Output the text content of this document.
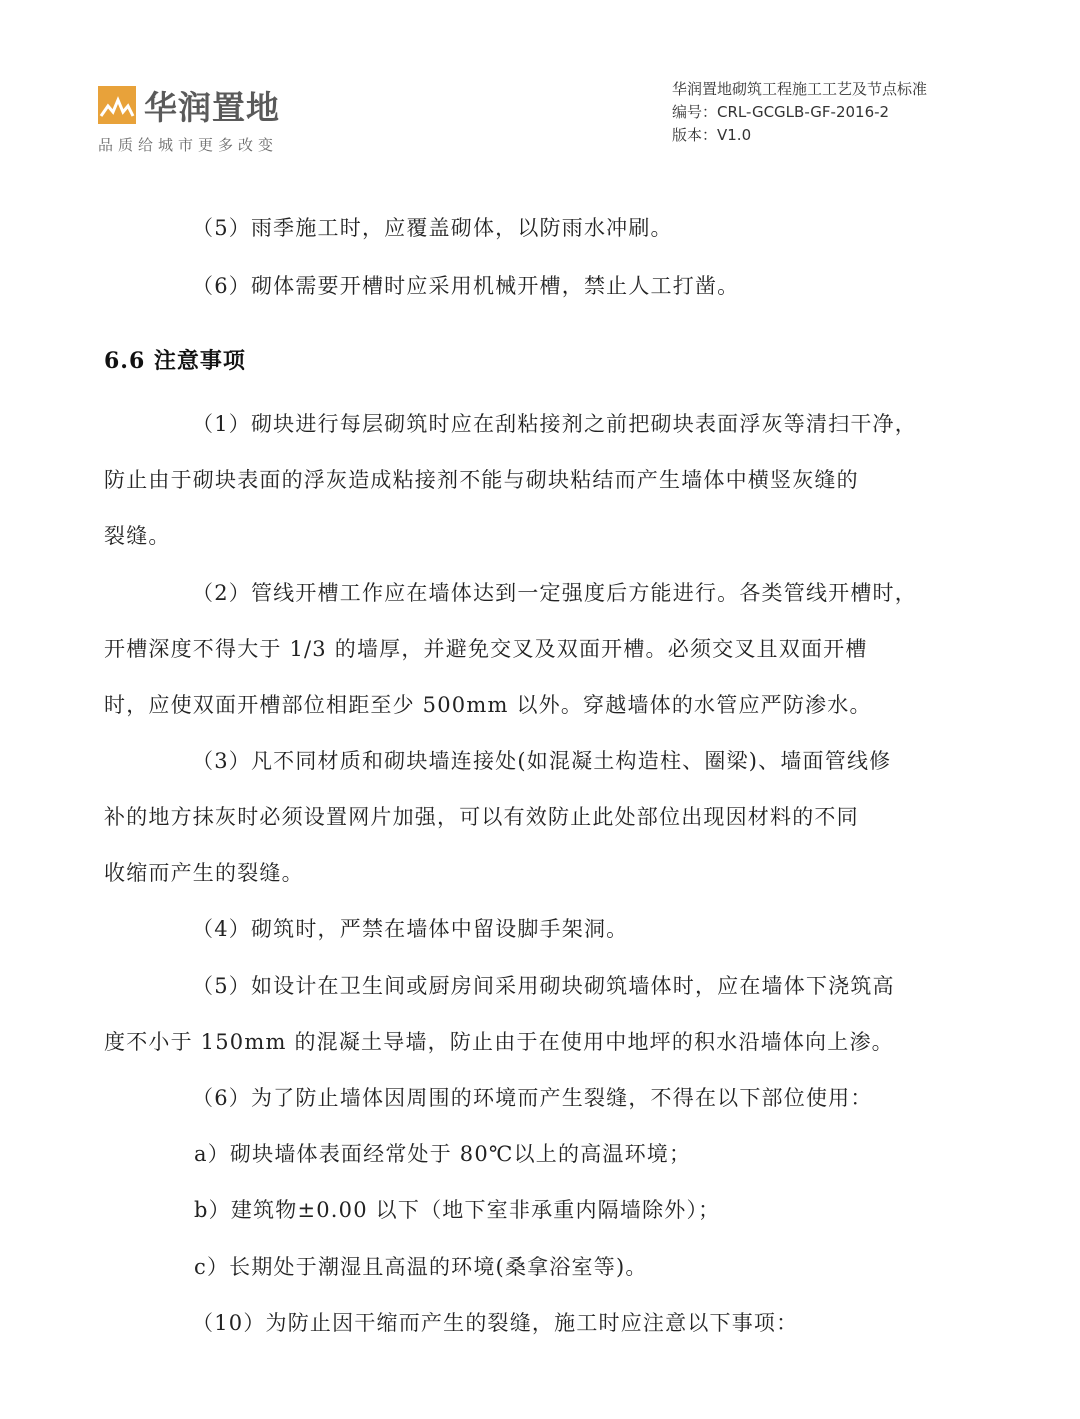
华润置地
品质给城市更多改变
华润置地砌筑工程施工工艺及节点标准
编号：CRL-GCGLB-GF-2016-2
版本：V1.0
（5）雨季施工时，应覆盖砌体，以防雨水冲刷。
（6）砌体需要开槽时应采用机械开槽，禁止人工打凿。
6.6 注意事项
（1）砌块进行每层砌筑时应在刮粘接剂之前把砌块表面浮灰等清扫干净，
防止由于砌块表面的浮灰造成粘接剂不能与砌块粘结而产生墙体中横竖灰缝的
裂缝。
（2）管线开槽工作应在墙体达到一定强度后方能进行。各类管线开槽时，
开槽深度不得大于 1/3 的墙厚，并避免交叉及双面开槽。必须交叉且双面开槽
时，应使双面开槽部位相距至少 500mm 以外。穿越墙体的水管应严防渗水。
（3）凡不同材质和砌块墙连接处(如混凝土构造柱、圈梁)、墙面管线修
补的地方抹灰时必须设置网片加强，可以有效防止此处部位出现因材料的不同
收缩而产生的裂缝。
（4）砌筑时，严禁在墙体中留设脚手架洞。
（5）如设计在卫生间或厨房间采用砌块砌筑墙体时，应在墙体下浇筑高
度不小于 150mm 的混凝土导墙，防止由于在使用中地坪的积水沿墙体向上渗。
（6）为了防止墙体因周围的环境而产生裂缝，不得在以下部位使用：
a）砌块墙体表面经常处于 80℃以上的高温环境；
b）建筑物±0.00 以下（地下室非承重内隔墙除外）；
c）长期处于潮湿且高温的环境(桑拿浴室等)。
（10）为防止因干缩而产生的裂缝，施工时应注意以下事项：
